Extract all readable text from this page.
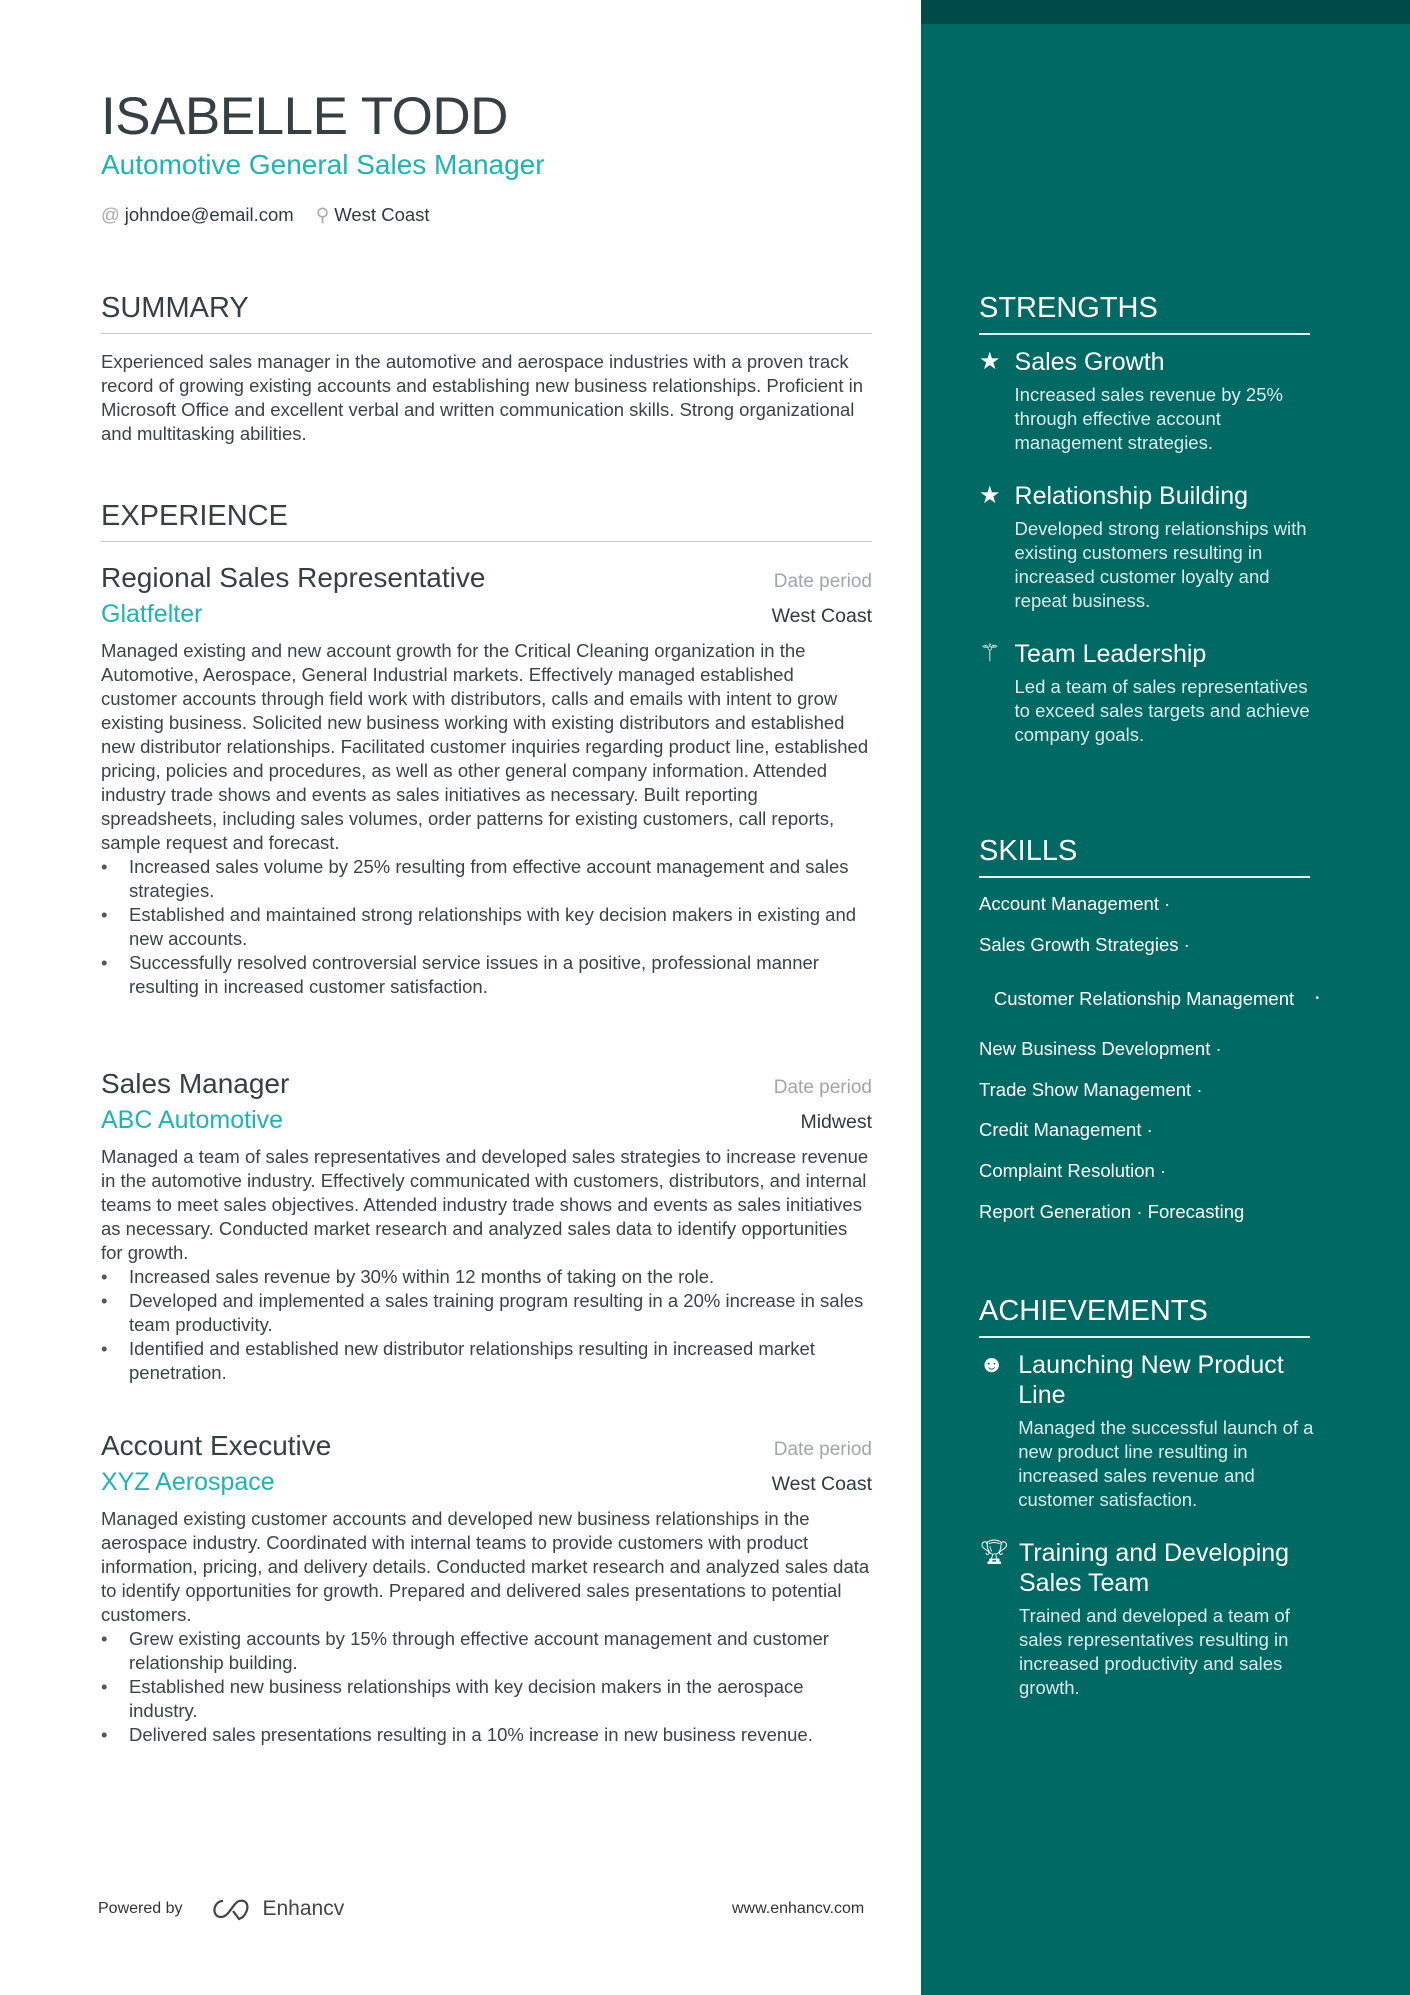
ISABELLE TODD
Automotive General Sales Manager
@ johndoe@email.com ⚲ West Coast
SUMMARY
Experienced sales manager in the automotive and aerospace industries with a proven track record of growing existing accounts and establishing new business relationships. Proficient in Microsoft Office and excellent verbal and written communication skills. Strong organizational and multitasking abilities.
EXPERIENCE
Regional Sales Representative	Date period
Glatfelter	West Coast
Managed existing and new account growth for the Critical Cleaning organization in the Automotive, Aerospace, General Industrial markets. Effectively managed established customer accounts through field work with distributors, calls and emails with intent to grow existing business. Solicited new business working with existing distributors and established new distributor relationships. Facilitated customer inquiries regarding product line, established pricing, policies and procedures, as well as other general company information. Attended industry trade shows and events as sales initiatives as necessary. Built reporting spreadsheets, including sales volumes, order patterns for existing customers, call reports, sample request and forecast.
• Increased sales volume by 25% resulting from effective account management and sales strategies.
• Established and maintained strong relationships with key decision makers in existing and new accounts.
• Successfully resolved controversial service issues in a positive, professional manner resulting in increased customer satisfaction.
Sales Manager	Date period
ABC Automotive	Midwest
Managed a team of sales representatives and developed sales strategies to increase revenue in the automotive industry. Effectively communicated with customers, distributors, and internal teams to meet sales objectives. Attended industry trade shows and events as sales initiatives as necessary. Conducted market research and analyzed sales data to identify opportunities for growth.
• Increased sales revenue by 30% within 12 months of taking on the role.
• Developed and implemented a sales training program resulting in a 20% increase in sales team productivity.
• Identified and established new distributor relationships resulting in increased market penetration.
Account Executive	Date period
XYZ Aerospace	West Coast
Managed existing customer accounts and developed new business relationships in the aerospace industry. Coordinated with internal teams to provide customers with product information, pricing, and delivery details. Conducted market research and analyzed sales data to identify opportunities for growth. Prepared and delivered sales presentations to potential customers.
• Grew existing accounts by 15% through effective account management and customer relationship building.
• Established new business relationships with key decision makers in the aerospace industry.
• Delivered sales presentations resulting in a 10% increase in new business revenue.
Powered by	Enhancv	www.enhancv.com
STRENGTHS
★ Sales Growth
Increased sales revenue by 25% through effective account management strategies.
★ Relationship Building
Developed strong relationships with existing customers resulting in increased customer loyalty and repeat business.
⚚ Team Leadership
Led a team of sales representatives to exceed sales targets and achieve company goals.
SKILLS
Account Management ·
Sales Growth Strategies ·
Customer Relationship Management	•
New Business Development ·
Trade Show Management ·
Credit Management ·
Complaint Resolution ·
Report Generation · Forecasting
ACHIEVEMENTS
☻ Launching New Product Line
Managed the successful launch of a new product line resulting in increased sales revenue and customer satisfaction.
🏆︎ Training and Developing Sales Team
Trained and developed a team of sales representatives resulting in increased productivity and sales growth.
